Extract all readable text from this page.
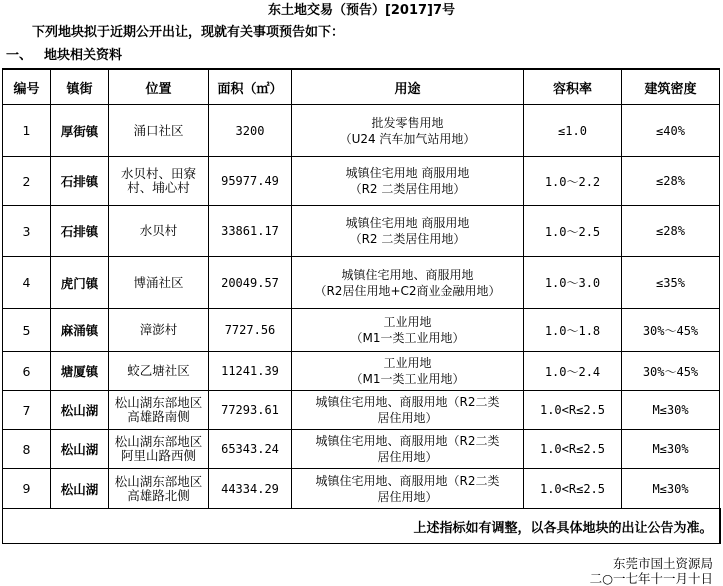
东土地交易（预告）[2017]7号
下列地块拟于近期公开出让，现就有关事项预告如下：
一、 地块相关资料
编号	镇街	位置	面积（㎡）	用途	容积率	建筑密度
1	厚街镇	涌口社区	3200	批发零售用地
（U24 汽车加气站用地）	≤1.0	≤40%
2	石排镇	水贝村、田寮村、埔心村	95977.49	城镇住宅用地 商服用地
（R2 二类居住用地）	1.0～2.2	≤28%
3	石排镇	水贝村	33861.17	城镇住宅用地 商服用地
（R2 二类居住用地）	1.0～2.5	≤28%
4	虎门镇	博涌社区	20049.57	城镇住宅用地、商服用地
（R2居住用地+C2商业金融用地）	1.0～3.0	≤35%
5	麻涌镇	漳澎村	7727.56	工业用地
（M1一类工业用地）	1.0～1.8	30%～45%
6	塘厦镇	蛟乙塘社区	11241.39	工业用地
（M1一类工业用地）	1.0～2.4	30%～45%
7	松山湖	松山湖东部地区高雄路南侧	77293.61	城镇住宅用地、商服用地（R2二类
居住用地）	1.0<R≤2.5	M≤30%
8	松山湖	松山湖东部地区阿里山路西侧	65343.24	城镇住宅用地、商服用地（R2二类
居住用地）	1.0<R≤2.5	M≤30%
9	松山湖	松山湖东部地区高雄路北侧	44334.29	城镇住宅用地、商服用地（R2二类
居住用地）	1.0<R≤2.5	M≤30%
上述指标如有调整，以各具体地块的出让公告为准。						
东莞市国土资源局
二○一七年十一月十日
